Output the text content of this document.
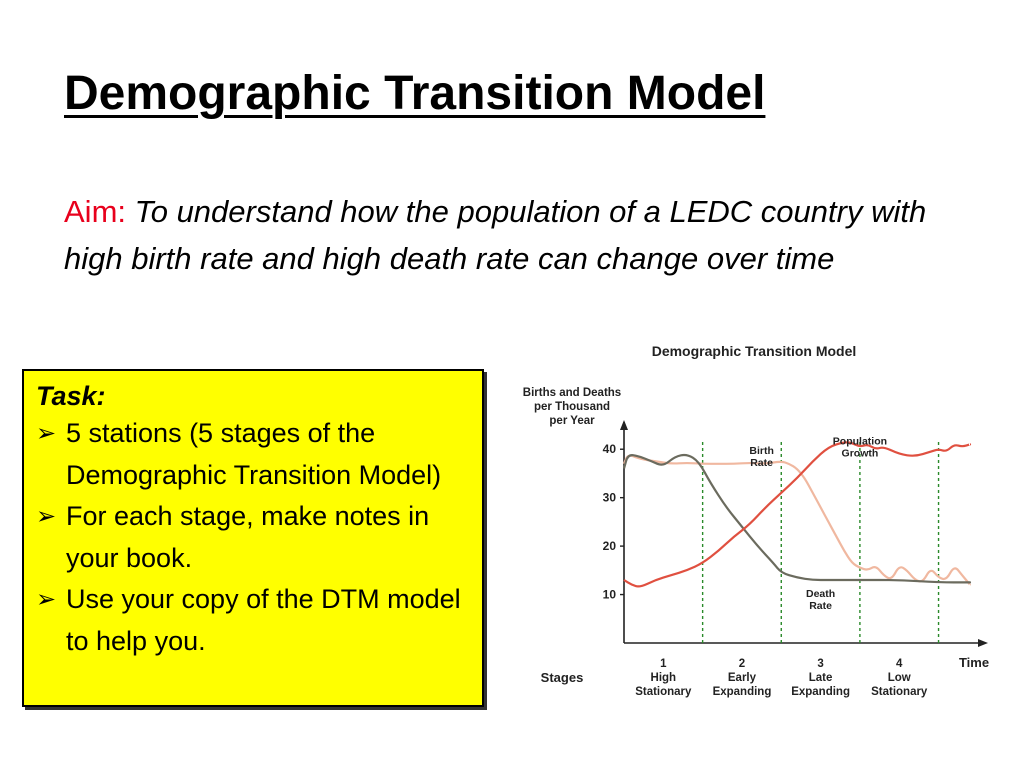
Demographic Transition Model
Aim: To understand how the population of a LEDC country with high birth rate and high death rate can change over time
Task:
➢ 5 stations (5 stages of the Demographic Transition Model)
➢ For each stage, make notes in your book.
➢ Use your copy of the DTM model to help you.
Demographic Transition Model
Births and Deaths
per Thousand
per Year
10
20
30
40	Birth
Rate
Death
Rate
Population
Growth
Time
Stages
1
High
Stationary
2
Early
Expanding
3
Late
Expanding
4
Low
Stationary
